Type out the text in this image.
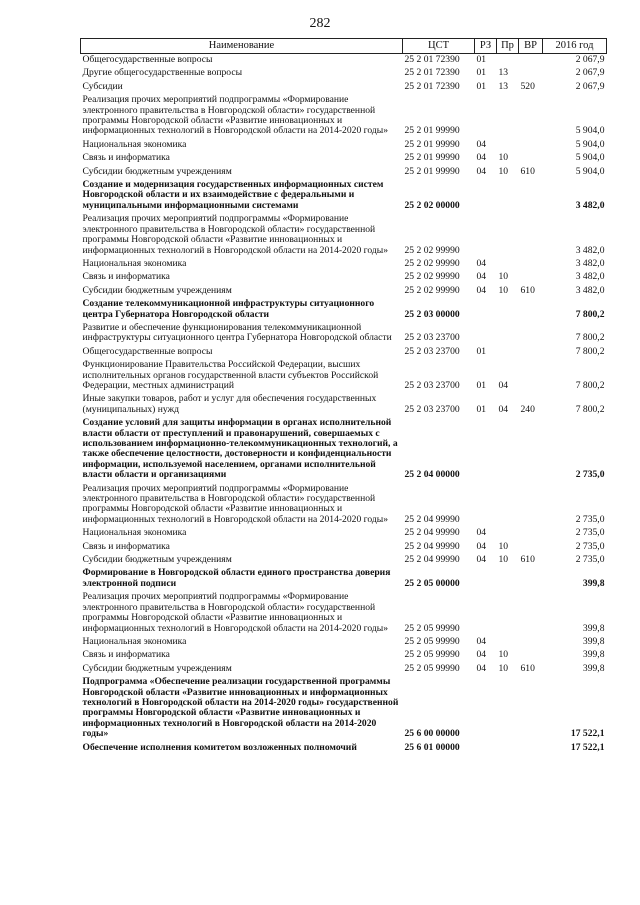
282
Наименование	ЦСТ	РЗ	Пр	ВР	2016 год
Общегосударственные вопросы	25 2 01 72390	01			2 067,9
Другие общегосударственные вопросы	25 2 01 72390	01	13		2 067,9
Субсидии	25 2 01 72390	01	13	520	2 067,9
Реализация прочих мероприятий подпрограммы «Формирование электронного правительства в Новгородской области» государственной программы Новгородской области «Развитие инновационных и информационных технологий в Новгородской области на 2014-2020 годы»	25 2 01 99990				5 904,0
Национальная экономика	25 2 01 99990	04			5 904,0
Связь и информатика	25 2 01 99990	04	10		5 904,0
Субсидии бюджетным учреждениям	25 2 01 99990	04	10	610	5 904,0
Создание и модернизация государственных информационных систем Новгородской области и их взаимодействие с федеральными и муниципальными информационными системами	25 2 02 00000				3 482,0
Реализация прочих мероприятий подпрограммы «Формирование электронного правительства в Новгородской области» государственной программы Новгородской области «Развитие инновационных и информационных технологий в Новгородской области на 2014-2020 годы»	25 2 02 99990				3 482,0
Национальная экономика	25 2 02 99990	04			3 482,0
Связь и информатика	25 2 02 99990	04	10		3 482,0
Субсидии бюджетным учреждениям	25 2 02 99990	04	10	610	3 482,0
Создание телекоммуникационной инфраструктуры ситуационного центра Губернатора Новгородской области	25 2 03 00000				7 800,2
Развитие и обеспечение функционирования телекоммуникационной инфраструктуры ситуационного центра Губернатора Новгородской области	25 2 03 23700				7 800,2
Общегосударственные вопросы	25 2 03 23700	01			7 800,2
Функционирование Правительства Российской Федерации, высших исполнительных органов государственной власти субъектов Российской Федерации, местных администраций	25 2 03 23700	01	04		7 800,2
Иные закупки товаров, работ и услуг для обеспечения государственных (муниципальных) нужд	25 2 03 23700	01	04	240	7 800,2
Создание условий для защиты информации в органах исполнительной власти области от преступлений и правонарушений, совершаемых с использованием информационно-телекоммуникационных технологий, а также обеспечение целостности, достоверности и конфиденциальности информации, используемой населением, органами исполнительной власти области и организациями	25 2 04 00000				2 735,0
Реализация прочих мероприятий подпрограммы «Формирование электронного правительства в Новгородской области» государственной программы Новгородской области «Развитие инновационных и информационных технологий в Новгородской области на 2014-2020 годы»	25 2 04 99990				2 735,0
Национальная экономика	25 2 04 99990	04			2 735,0
Связь и информатика	25 2 04 99990	04	10		2 735,0
Субсидии бюджетным учреждениям	25 2 04 99990	04	10	610	2 735,0
Формирование в Новгородской области единого пространства доверия электронной подписи	25 2 05 00000				399,8
Реализация прочих мероприятий подпрограммы «Формирование электронного правительства в Новгородской области» государственной программы Новгородской области «Развитие инновационных и информационных технологий в Новгородской области на 2014-2020 годы»	25 2 05 99990				399,8
Национальная экономика	25 2 05 99990	04			399,8
Связь и информатика	25 2 05 99990	04	10		399,8
Субсидии бюджетным учреждениям	25 2 05 99990	04	10	610	399,8
Подпрограмма «Обеспечение реализации государственной программы Новгородской области «Развитие инновационных и информационных технологий в Новгородской области на 2014-2020 годы» государственной программы Новгородской области «Развитие инновационных и информационных технологий в Новгородской области на 2014-2020 годы»	25 6 00 00000				17 522,1
Обеспечение исполнения комитетом возложенных полномочий	25 6 01 00000				17 522,1
